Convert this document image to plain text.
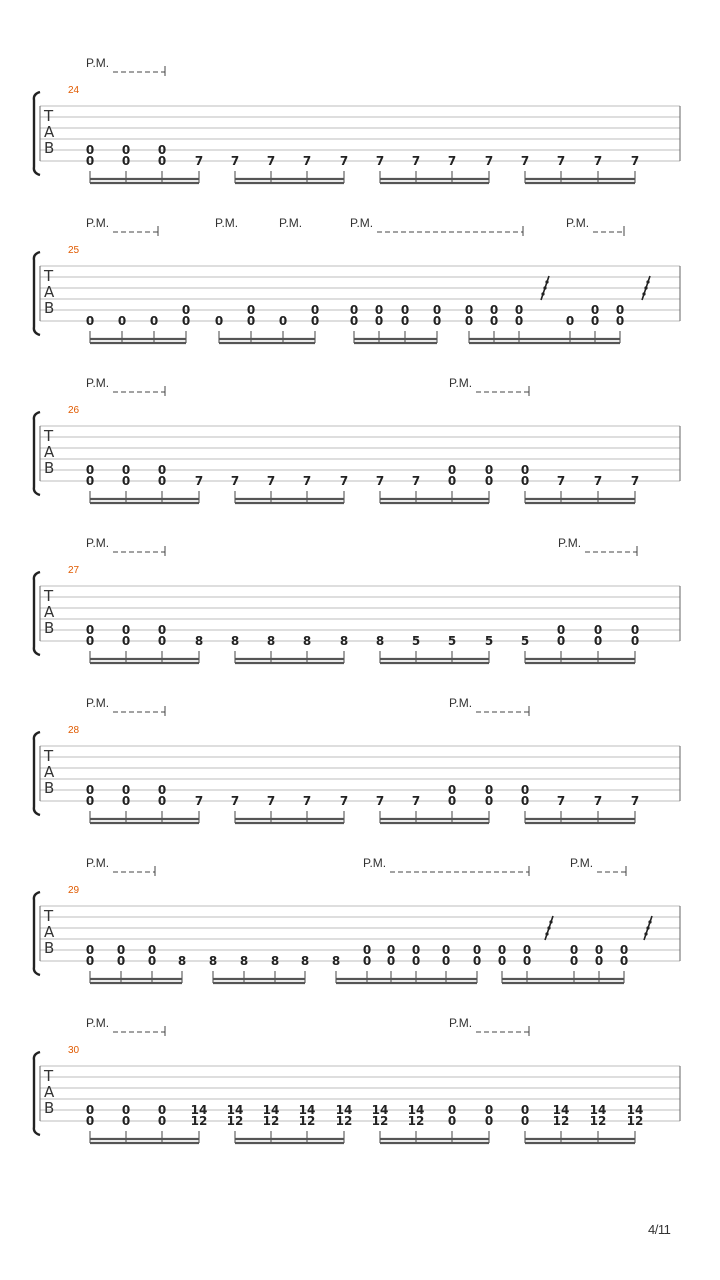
T
A
B
24
P.M.
0
0
0
0
0
0 7 7 7 7 7 7 7 7 7 7 7 7 7
T
A
B
25
P.M.	P.M.	P.M.	P.M.	P.M.
0 0 0
0
0 0
0
0 0
0
0
0
0
0
0
0
0
0
0
0
0
0
0
0
0	0
0
0
0
0
T
A
B
26
P.M.	P.M.
0
0
0
0
0
0 7 7 7 7 7 7 7
0
0
0
0
0
0 7 7 7
T
A
B
27
P.M.	P.M.
0
0
0
0
0
0 8 8 8 8 8 8 5 5 5 5
0
0
0
0
0
0
T
A
B
28
P.M.	P.M.
0
0
0
0
0
0 7 7 7 7 7 7 7
0
0
0
0
0
0 7 7 7
T
A
B
29
P.M.	P.M.	P.M.
0
0
0
0
0
0 8 8 8 8 8 8
0
0
0
0
0
0
0
0
0
0
0
0
0
0
0
0
0
0
0
0
T
A
B
30
P.M.	P.M.
0
0
0
0
0
0
14
12
14
12
14
12
14
12
14
12
14
12
14
12
0
0
0
0
0
0
14
12
14
12
14
12
4/11
